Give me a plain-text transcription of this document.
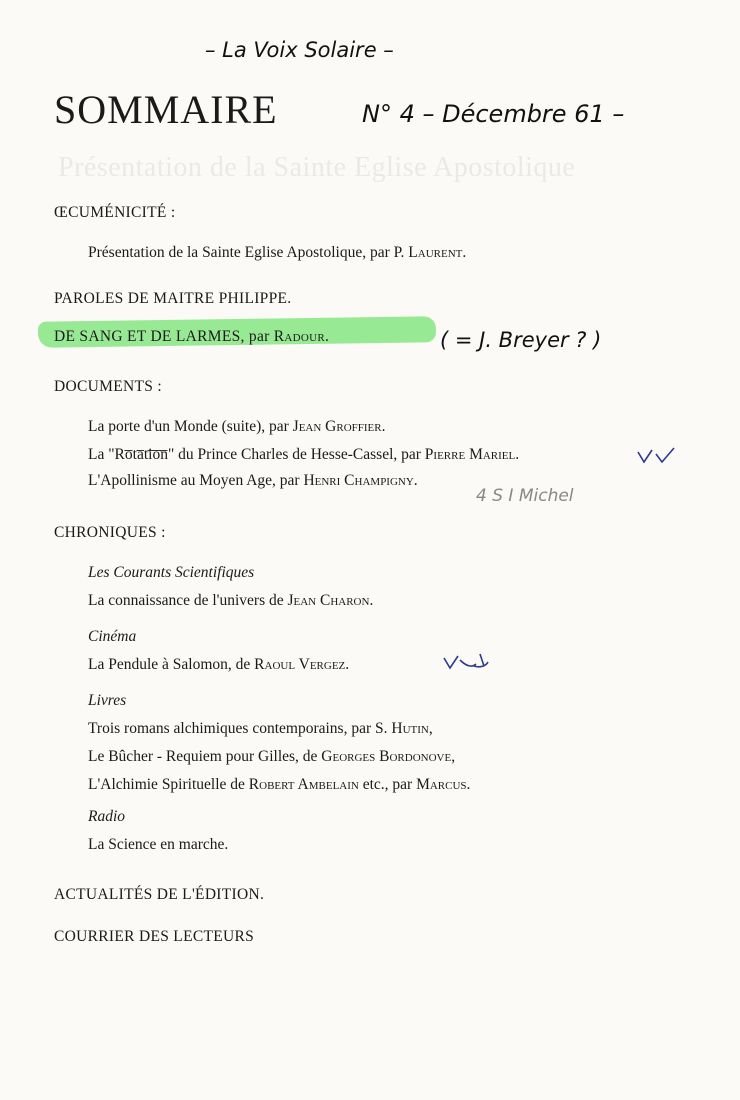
Présentation de la Sainte Eglise Apostolique
– La Voix Solaire –
N° 4 – Décembre 61 –
( = J. Breyer ? )
4 S I Michel
SOMMAIRE
ŒCUMÉNICITÉ :
Présentation de la Sainte Eglise Apostolique, par P. Laurent.
PAROLES DE MAITRE PHILIPPE.
DE SANG ET DE LARMES, par Radour.
DOCUMENTS :
La porte d'un Monde (suite), par Jean Groffier.
La "Rotation" du Prince Charles de Hesse-Cassel, par Pierre Mariel.
L'Apollinisme au Moyen Age, par Henri Champigny.
CHRONIQUES :
Les Courants Scientifiques
La connaissance de l'univers de Jean Charon.
Cinéma
La Pendule à Salomon, de Raoul Vergez.
Livres
Trois romans alchimiques contemporains, par S. Hutin,
Le Bûcher - Requiem pour Gilles, de Georges Bordonove,
L'Alchimie Spirituelle de Robert Ambelain etc., par Marcus.
Radio
La Science en marche.
ACTUALITÉS DE L'ÉDITION.
COURRIER DES LECTEURS
